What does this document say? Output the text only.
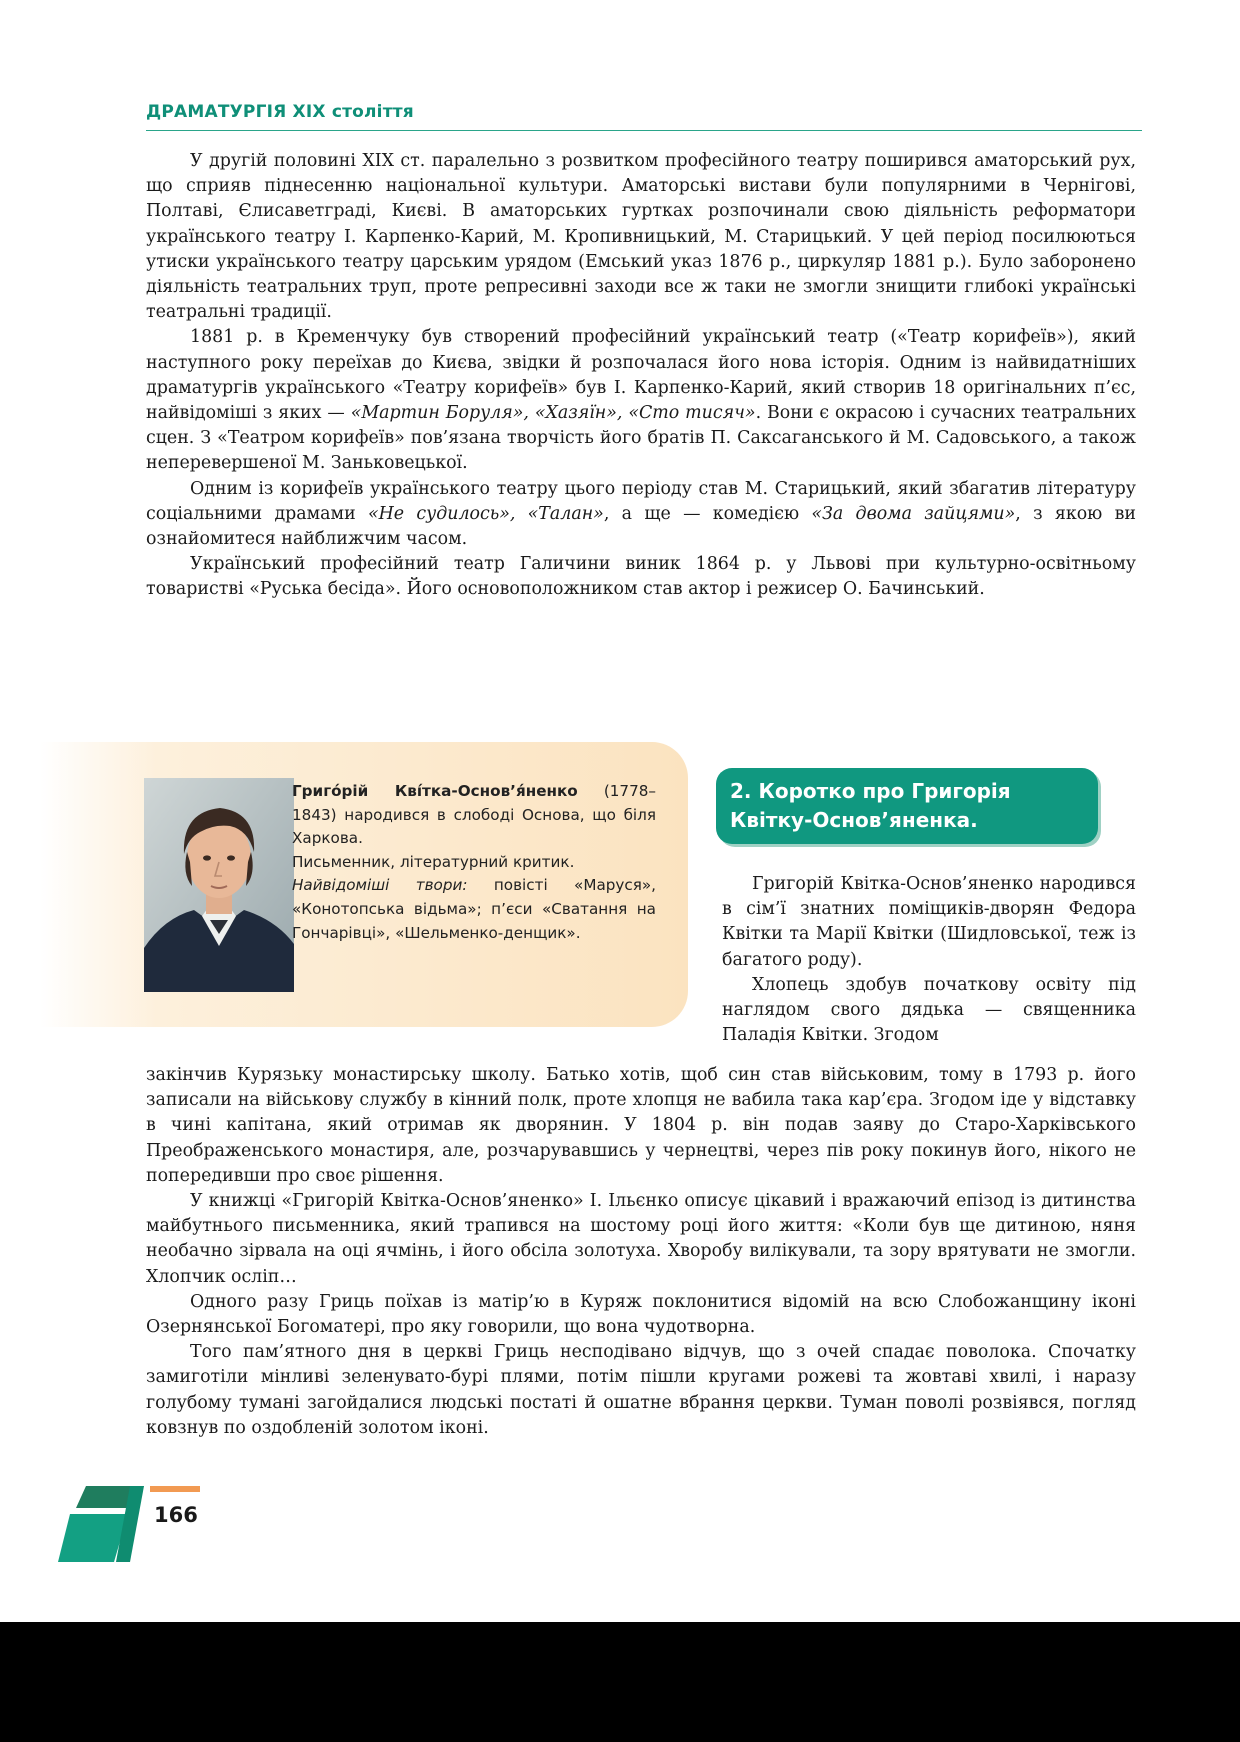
ДРАМАТУРГІЯ XIX століття

У другій половині XIX ст. паралельно з розвитком професійного театру поширився аматорський рух, що сприяв піднесенню національної культури. Аматорські вистави були популярними в Чернігові, Полтаві, Єлисаветграді, Києві. В аматорських гуртках розпочинали свою діяльність реформатори українського театру І. Карпенко-Карий, М. Кропивницький, М. Старицький. У цей період посилюються утиски українського театру царським урядом (Емський указ 1876 р., циркуляр 1881 р.). Було заборонено діяльність театральних труп, проте репресивні заходи все ж таки не змогли знищити глибокі українські театральні традиції.

1881 р. в Кременчуку був створений професійний український театр («Театр корифеїв»), який наступного року переїхав до Києва, звідки й розпочалася його нова історія. Одним із найвидатніших драматургів українського «Театру корифеїв» був І. Карпенко-Карий, який створив 18 оригінальних п’єс, найвідоміші з яких — «Мартин Боруля», «Хазяїн», «Сто тисяч». Вони є окрасою і сучасних театральних сцен. З «Театром корифеїв» пов’язана творчість його братів П. Саксаганського й М. Садовського, а також неперевершеної М. Заньковецької.

Одним із корифеїв українського театру цього періоду став М. Старицький, який збагатив літературу соціальними драмами «Не судилось», «Талан», а ще — комедією «За двома зайцями», з якою ви ознайомитеся найближчим часом.

Український професійний театр Галичини виник 1864 р. у Львові при культурно-освітньому товаристві «Руська бесіда». Його основоположником став актор і режисер О. Бачинський.

Григо́рій Кві́тка-Основ’я́ненко (1778–1843) народився в слободі Основа, що біля Харкова.
Письменник, літературний критик.
Найвідоміші твори: повісті «Маруся», «Конотопська відьма»; п’єси «Сватання на Гончарівці», «Шельменко-денщик».
2. Коротко про Григорія Квітку-Основ’яненка.

Григорій Квітка-Основ’яненко народився в сім’ї знатних поміщиків-дворян Федора Квітки та Марії Квітки (Шидловської, теж із багатого роду).

Хлопець здобув початкову освіту під наглядом свого дядька — священника Паладія Квітки. Згодом

закінчив Курязьку монастирську школу. Батько хотів, щоб син став військовим, тому в 1793 р. його записали на військову службу в кінний полк, проте хлопця не вабила така кар’єра. Згодом іде у відставку в чині капітана, який отримав як дворянин. У 1804 р. він подав заяву до Старо-Харківського Преображенського монастиря, але, розчарувавшись у чернецтві, через пів року покинув його, нікого не попередивши про своє рішення.

У книжці «Григорій Квітка-Основ’яненко» І. Ільєнко описує цікавий і вражаючий епізод із дитинства майбутнього письменника, який трапився на шостому році його життя: «Коли був ще дитиною, няня необачно зірвала на оці ячмінь, і його обсіла золотуха. Хворобу вилікували, та зору врятувати не змогли. Хлопчик осліп…

Одного разу Гриць поїхав із матір’ю в Куряж поклонитися відомій на всю Слобожанщину іконі Озернянської Богоматері, про яку говорили, що вона чудотворна.

Того пам’ятного дня в церкві Гриць несподівано відчув, що з очей спадає поволока. Спочатку замиготіли мінливі зеленувато-бурі плями, потім пішли кругами рожеві та жовтаві хвилі, і наразу голубому тумані загойдалися людські постаті й ошатне вбрання церкви. Туман поволі розвіявся, погляд ковзнув по оздобленій золотом іконі.

166
